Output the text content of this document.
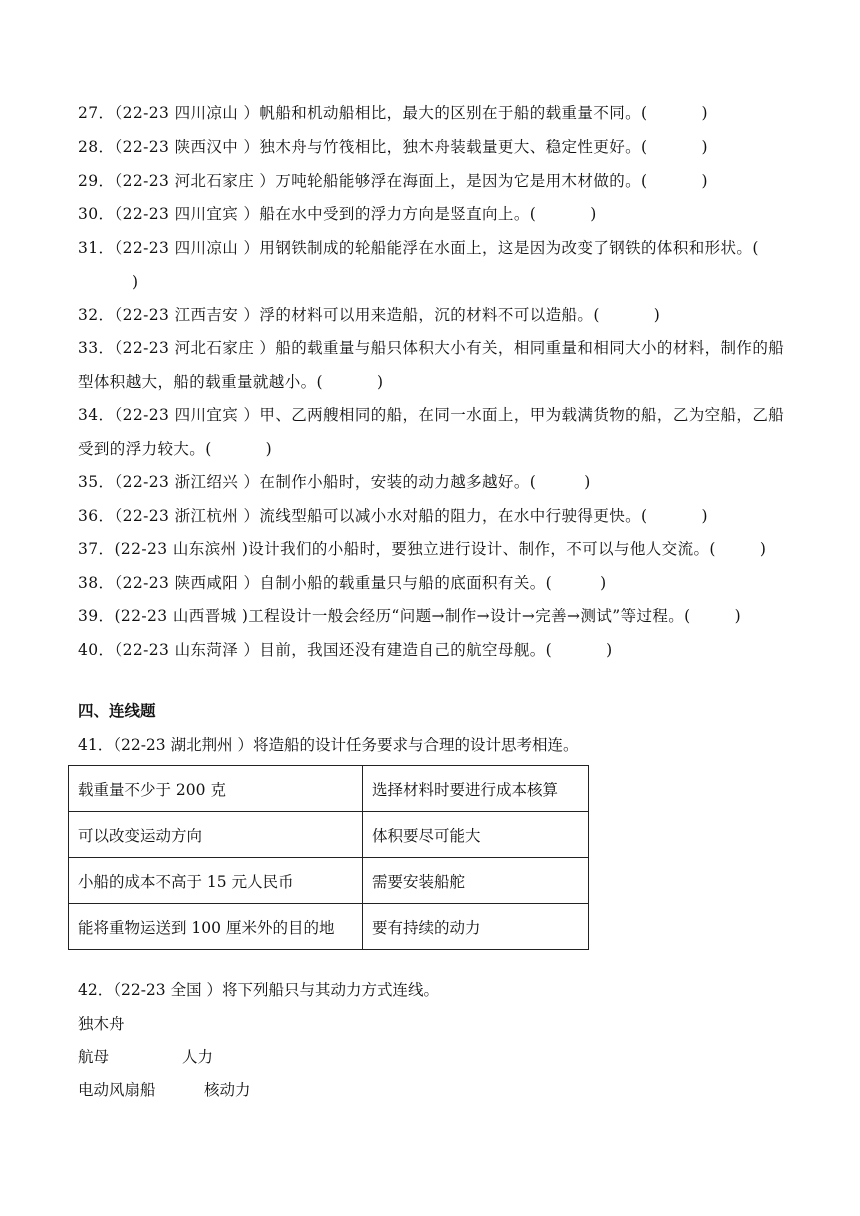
27．（22-23 四川凉山 ）帆船和机动船相比，最大的区别在于船的载重量不同。(	)
28．（22-23 陕西汉中 ）独木舟与竹筏相比，独木舟装载量更大、稳定性更好。(	)
29．（22-23 河北石家庄 ）万吨轮船能够浮在海面上，是因为它是用木材做的。(	)
30．（22-23 四川宜宾 ）船在水中受到的浮力方向是竖直向上。(	)
31．（22-23 四川凉山 ）用钢铁制成的轮船能浮在水面上，这是因为改变了钢铁的体积和形状。()
32．（22-23 江西吉安 ）浮的材料可以用来造船，沉的材料不可以造船。(	)
33．（22-23 河北石家庄 ）船的载重量与船只体积大小有关，相同重量和相同大小的材料，制作的船型体积越大，船的载重量就越小。(	)
34．（22-23 四川宜宾 ）甲、乙两艘相同的船，在同一水面上，甲为载满货物的船，乙为空船，乙船受到的浮力较大。(	)
35．（22-23 浙江绍兴 ）在制作小船时，安装的动力越多越好。(	)
36．（22-23 浙江杭州 ）流线型船可以减小水对船的阻力，在水中行驶得更快。(	)
37．(22-23 山东滨州 )设计我们的小船时，要独立进行设计、制作，不可以与他人交流。(	)
38．（22-23 陕西咸阳 ）自制小船的载重量只与船的底面积有关。(	)
39．(22-23 山西晋城 )工程设计一般会经历“问题→制作→设计→完善→测试”等过程。(	)
40．（22-23 山东菏泽 ）目前，我国还没有建造自己的航空母舰。(	)
四、连线题
41．（22-23 湖北荆州 ）将造船的设计任务要求与合理的设计思考相连。
载重量不少于 200 克	选择材料时要进行成本核算
可以改变运动方向	体积要尽可能大
小船的成本不高于 15 元人民币	需要安装船舵
能将重物运送到 100 厘米外的目的地	要有持续的动力
42．（22-23 全国 ）将下列船只与其动力方式连线。
独木舟
航母	人力
电动风扇船	核动力
